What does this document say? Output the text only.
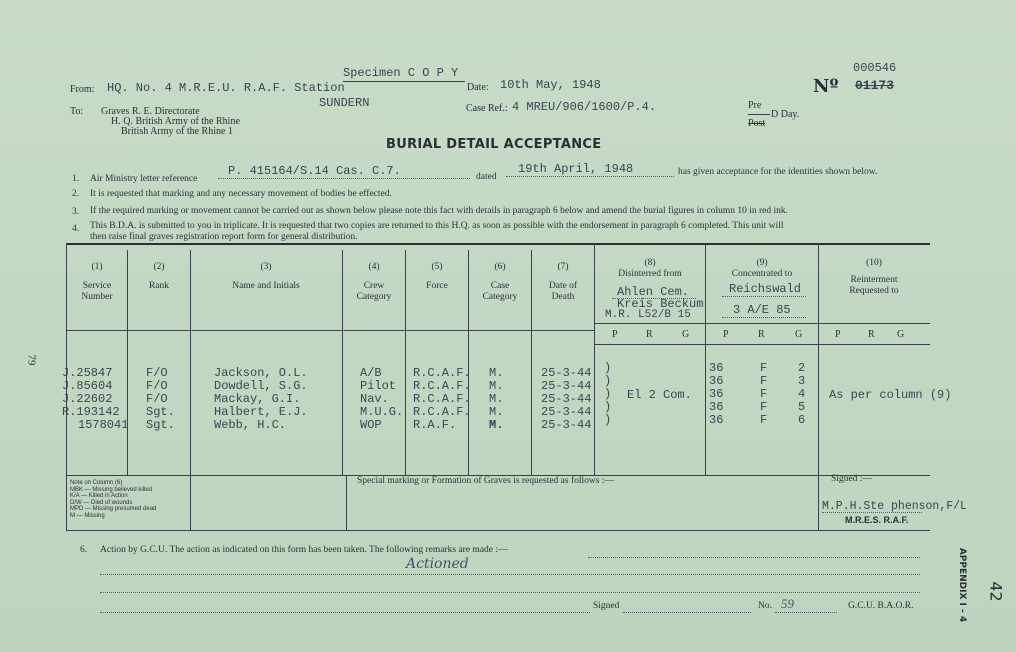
Specimen C O P Y
From: HQ. No. 4 M.R.E.U. R.A.F. Station
SUNDERN
Date: 10th May, 1948
Case Ref.: 4 MREU/906/1600/P.4.
To: Graves R. E. Directorate
H. Q. British Army of the Rhine
British Army of the Rhine 1
000546
Nº 01173
Pre
D Day.
Post
BURIAL DETAIL ACCEPTANCE
1. Air Ministry letter reference
P. 415164/S.14 Cas. C.7.	dated
19th April, 1948	has given acceptance for the identities shown below.
2. It is requested that marking and any necessary movement of bodies be effected.
3. If the required marking or movement cannot be carried out as shown below please note this fact with details in paragraph 6 below and amend the burial figures in column 10 in red ink.
4. This B.D.A. is submitted to you in triplicate. It is requested that two copies are returned to this H.Q. as soon as possible with the endorsement in paragraph 6 completed. This unit will
then raise final graves registration report form for general distribution.
(1)
Service Number
(2)
Rank
(3)
Name and Initials
(4)
Crew Category
(5)
Force
(6)
Case Category
(7)
Date of Death
(8)
Disinterred from
(9)
Concentrated to
(10)
Reinterment Requested to
Ahlen Cem.
Kreis Beckum
M.R. L52/B 15
Reichswald
3 A/E 85
P	R	G	P	R	G	P	R G
J.25847	F/O	Jackson, O.L.	A/B	R.C.A.F. M.	25-3-44	36	F	2
J.85604	F/O	Dowdell, S.G.	Pilot R.C.A.F. M.	25-3-44	36	F	3
J.22602	F/O	Mackay, G.I.	Nav. R.C.A.F. M.	25-3-44	36	F	4
R.193142 Sgt.	Halbert, E.J.	M.U.G. R.C.A.F. M.	25-3-44	36	F	5
1578041 Sgt.	Webb, H.C.	WOP	R.A.F.	M.	25-3-44	36	F	6
)
)
)
)
)
El 2 Com.	As per column (9)
Note on Column (6)
MBK — Missing believed killed
K/A — Killed in Action
D/W — Died of wounds
MPD — Missing presumed dead
M — Missing
Special marking or Formation of Graves is requested as follows :—	Signed :—
M.P.H.Ste phenson,F/L
M.R.E.S. R.A.F.
6. Action by G.C.U. The action as indicated on this form has been taken. The following remarks are made :—
Actioned
Signed	No. 59	G.C.U. B.A.O.R.
79
APPENDIX I - 4 42
